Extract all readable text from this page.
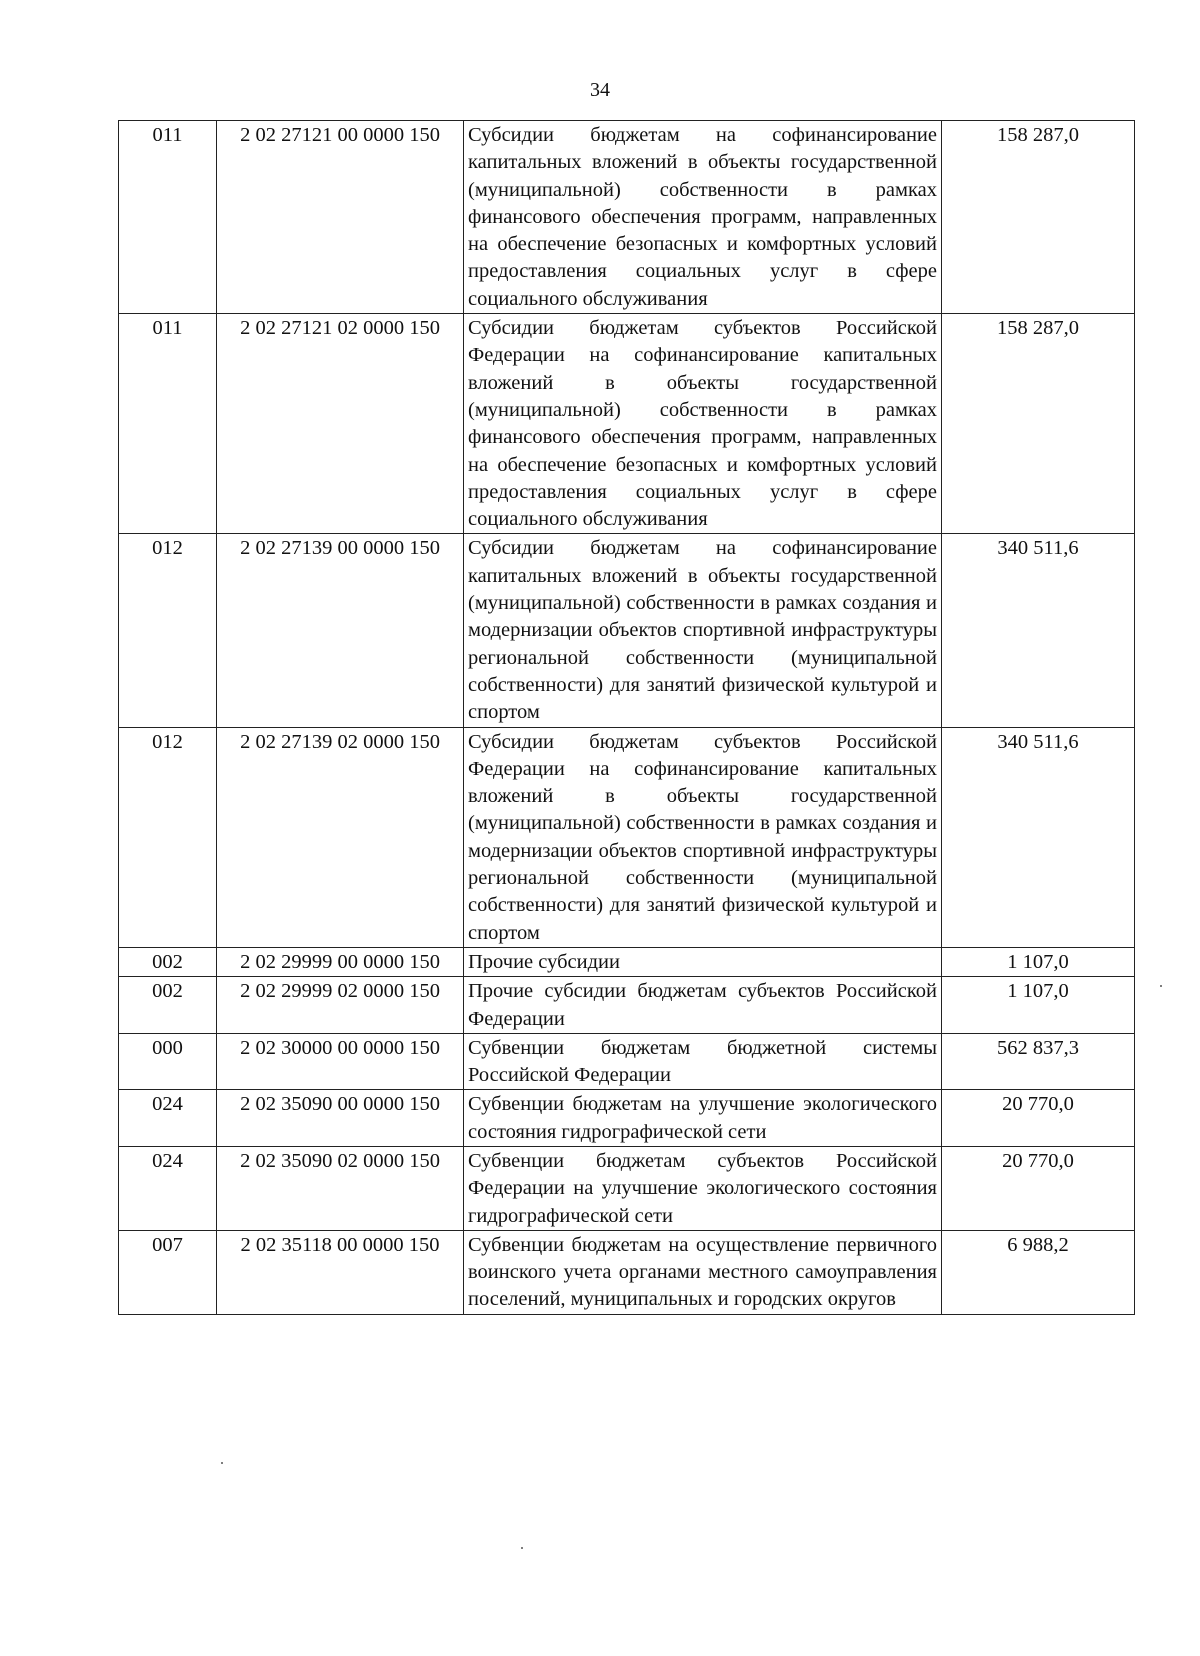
34
011	2 02 27121 00 0000 150	Субсидии бюджетам на софинансирование капитальных вложений в объекты государственной (муниципальной) собственности в рамках финансового обеспечения программ, направленных на обеспечение безопасных и комфортных условий предоставления социальных услуг в сфере социального обслуживания	158 287,0
011	2 02 27121 02 0000 150	Субсидии бюджетам субъектов Российской Федерации на софинансирование капитальных вложений в объекты государственной (муниципальной) собственности в рамках финансового обеспечения программ, направленных на обеспечение безопасных и комфортных условий предоставления социальных услуг в сфере социального обслуживания	158 287,0
012	2 02 27139 00 0000 150	Субсидии бюджетам на софинансирование капитальных вложений в объекты государственной (муниципальной) собственности в рамках создания и модернизации объектов спортивной инфраструктуры региональной собственности (муниципальной собственности) для занятий физической культурой и спортом	340 511,6
012	2 02 27139 02 0000 150	Субсидии бюджетам субъектов Российской Федерации на софинансирование капитальных вложений в объекты государственной (муниципальной) собственности в рамках создания и модернизации объектов спортивной инфраструктуры региональной собственности (муниципальной собственности) для занятий физической культурой и спортом	340 511,6
002	2 02 29999 00 0000 150	Прочие субсидии	1 107,0
002	2 02 29999 02 0000 150	Прочие субсидии бюджетам субъектов Российской Федерации	1 107,0
000	2 02 30000 00 0000 150	Субвенции бюджетам бюджетной системы Российской Федерации	562 837,3
024	2 02 35090 00 0000 150	Субвенции бюджетам на улучшение экологического состояния гидрографической сети	20 770,0
024	2 02 35090 02 0000 150	Субвенции бюджетам субъектов Российской Федерации на улучшение экологического состояния гидрографической сети	20 770,0
007	2 02 35118 00 0000 150	Субвенции бюджетам на осуществление первичного воинского учета органами местного самоуправления поселений, муниципальных и городских округов	6 988,2
